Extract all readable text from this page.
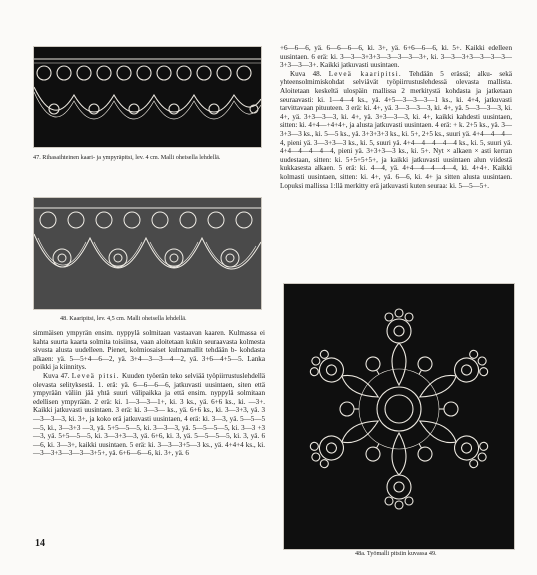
47. Rihasaihteinen kaari- ja ympyräpitsi, lev. 4 cm. Malli oheisella lehdellä.
48. Kaaripitsi, lev. 4,5 cm. Malli oheisella lehdellä.

simmäisen ympyrän ensim. nyppylä solmitaan vastaavan kaaren. Kulmassa ei kahta suurta kaarta solmita toisiinsa, vaan aloitetaan kukin seuraavasta kolmesta sivusta alusta uudelleen. Pienet, kolmiosaiset kulmamallit tehdään b- kohdasta alkaen: yä. 5—5+4—6—2, yä. 3+4—3—3—4—2, yä. 3+6—4+5—5. Lanka poikki ja kiinnitys.

Kuva 47. Leveä pitsi. Kuuden työerän teko selviää työpiirrustuslehdellä olevasta selityksestä. 1. erä: yä. 6—6—6—6, jatkuvasti uusintaen, siten että ympyrään väliin jää yhtä suuri välipaikka ja että ensim. nyppylä solmitaan edellisen ympyrään. 2 erä: ki. 1—3—3—1+, ki. 3 ks., yä. 6+6 ks., ki. —3+. Kaikki jatkuvasti uusintaen. 3 erä: ki. 3—3— ks., yä. 6+6 ks., ki. 3—3+3, yä. 3—3—3—3, ki. 3+, ja koko erä jatkuvasti uusintaen, 4 erä: ki. 3—3, yä. 5—5—5—5, ki., 3—3+3 —3, yä. 5+5—5—5, ki. 3—3—3, yä. 5—5—5—5, ki. 3—3 +3—3, yä. 5+5—5—5, ki. 3—3+3—3, yä. 6+6, ki. 3, yä. 5—5—5—5, ki. 3, yä. 6—6, ki. 3—3+, kaikki uusintaen. 5 erä: ki. 3—3—3+5—3 ks., yä. 4+4+4 ks., ki. —3—3+3—3—3—3+5+, yä. 6+6—6—6, ki. 3+, yä. 6

+6—6—6, yä. 6—6—6—6, ki. 3+, yä. 6+6—6—6, ki. 5+. Kaikki edelleen uusintaen. 6 erä: ki. 3—3—3+3+3—3—3—3—3+, ki. 3—3—3+3—3—3—3—3+3—3—3+. Kaikki jatkuvasti uusintaen.

Kuva 48. Leveä kaaripitsi. Tehdään 5 erässä; alku- sekä yhteensolmimiskohdat selviävät työpiirrustuslehdessä olevasta mallista. Aloitetaan keskeltä ulospäin mallissa 2 merkitystä kohdasta ja jatketaan seuraavasti: ki. 1—4—4 ks., yä. 4+5—3—3—3—1 ks., ki. 4+4, jatkuvasti tarvittavaan pituuteen. 3 erä: ki. 4+, yä. 3—3—3—3, ki. 4+, yä. 5—3—3—3, ki. 4+, yä. 3+3—3—3, ki. 4+, yä. 3+3—3—3, ki. 4+, kaikki kahdesti uusintaen, sitten: ki. 4+4—+4+4+, ja alusta jatkuvasti uusintaen. 4 erä: + k. 2+5 ks., yä. 3—3+3—3 ks., ki. 5—5 ks., yä. 3+3+3+3 ks., ki. 5+, 2+5 ks., suuri yä. 4+4—4—4—4, pieni yä. 3—3+3—3 ks., ki. 5, suuri yä. 4+4—4—4—4—4 ks., ki. 5, suuri yä. 4+4—4—4—4—4, pieni yä. 3+3+3—3 ks., ki. 5+. Nyt × alkaen × asti kerran uudestaan, sitten: ki. 5+5+5+5+, ja kaikki jatkuvasti uusintaen alun viidestä kukkasesta alkaen. 5 erä: ki. 4—4, yä. 4+4—4—4—4—4, ki. 4+4+. Kaikki kolmasti uusintaen, sitten: ki. 4+, yä. 6—6, ki. 4+ ja sitten alusta uusintaen. Lopuksi mallissa 1:llä merkitty erä jatkuvasti kuten seuraa: ki. 5—5—5+.

48a. Työmalli pitsiin kuvassa 49.
14
